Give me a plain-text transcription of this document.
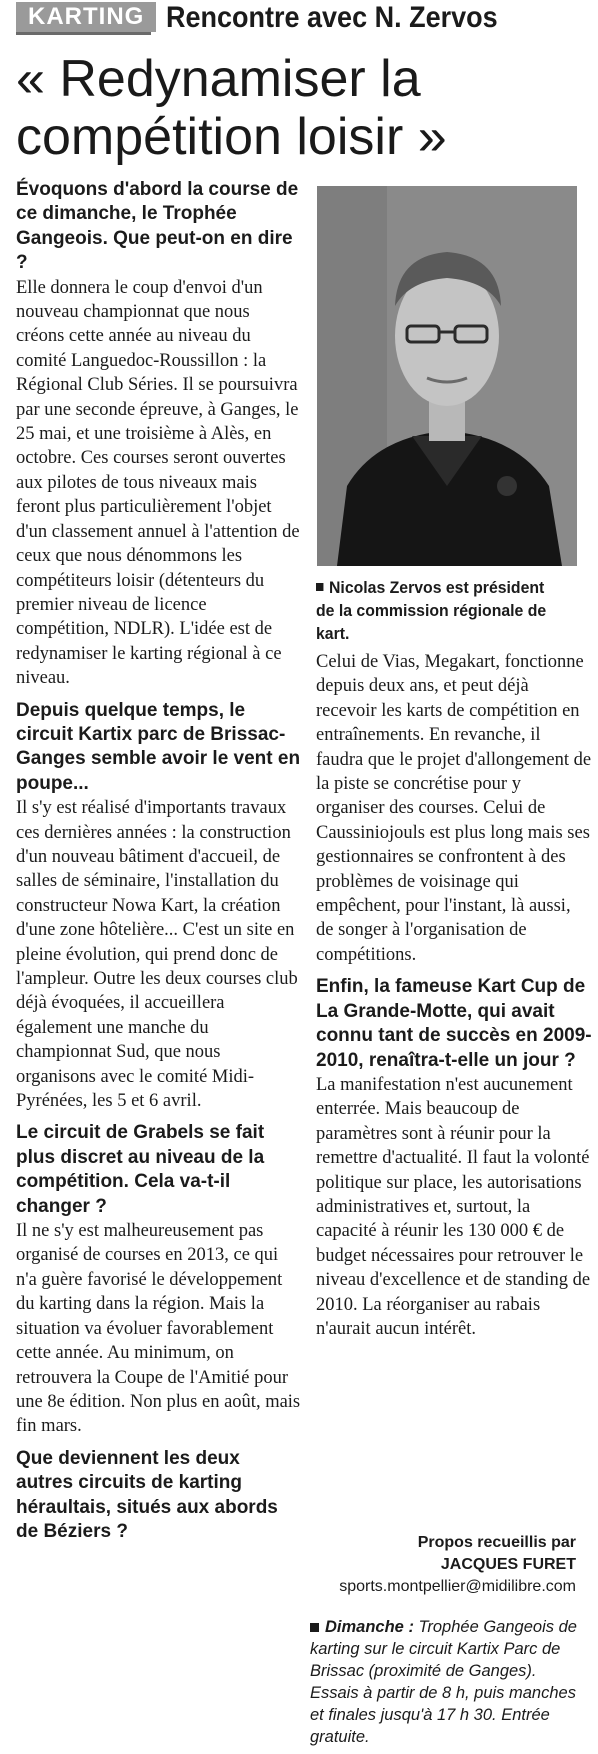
KARTING Rencontre avec N. Zervos
« Redynamiser la
compétition loisir »

Évoquons d'abord la course de ce dimanche, le Trophée Gangeois. Que peut-on en dire ?

Elle donnera le coup d'envoi d'un nouveau championnat que nous créons cette année au niveau du comité Languedoc-Roussillon : la Régional Club Séries. Il se poursuivra par une seconde épreuve, à Ganges, le 25 mai, et une troisième à Alès, en octobre. Ces courses seront ouvertes aux pilotes de tous niveaux mais feront plus particulièrement l'objet d'un classement annuel à l'attention de ceux que nous dénommons les compétiteurs loisir (détenteurs du premier niveau de licence compétition, NDLR). L'idée est de redynamiser le karting régional à ce niveau.

Depuis quelque temps, le circuit Kartix parc de Brissac-Ganges semble avoir le vent en poupe...

Il s'y est réalisé d'importants travaux ces dernières années : la construction d'un nouveau bâtiment d'accueil, de salles de séminaire, l'installation du constructeur Nowa Kart, la création d'une zone hôtelière... C'est un site en pleine évolution, qui prend donc de l'ampleur. Outre les deux courses club déjà évoquées, il accueillera également une manche du championnat Sud, que nous organisons avec le comité Midi-Pyrénées, les 5 et 6 avril.

Le circuit de Grabels se fait plus discret au niveau de la compétition. Cela va-t-il changer ?

Il ne s'y est malheureusement pas organisé de courses en 2013, ce qui n'a guère favorisé le développement du karting dans la région. Mais la situation va évoluer favorablement cette année. Au minimum, on retrouvera la Coupe de l'Amitié pour une 8e édition. Non plus en août, mais fin mars.

Que deviennent les deux autres circuits de karting héraultais, situés aux abords de Béziers ?

Nicolas Zervos est président de la commission régionale de kart.

Celui de Vias, Megakart, fonctionne depuis deux ans, et peut déjà recevoir les karts de compétition en entraînements. En revanche, il faudra que le projet d'allongement de la piste se concrétise pour y organiser des courses. Celui de Caussiniojouls est plus long mais ses gestionnaires se confrontent à des problèmes de voisinage qui empêchent, pour l'instant, là aussi, de songer à l'organisation de compétitions.

Enfin, la fameuse Kart Cup de La Grande-Motte, qui avait connu tant de succès en 2009-2010, renaîtra-t-elle un jour ?

La manifestation n'est aucunement enterrée. Mais beaucoup de paramètres sont à réunir pour la remettre d'actualité. Il faut la volonté politique sur place, les autorisations administratives et, surtout, la capacité à réunir les 130 000 € de budget nécessaires pour retrouver le niveau d'excellence et de standing de 2010. La réorganiser au rabais n'aurait aucun intérêt.

Propos recueillis par
JACQUES FURET
sports.montpellier@midilibre.com
Dimanche : Trophée Gangeois de karting sur le circuit Kartix Parc de Brissac (proximité de Ganges). Essais à partir de 8 h, puis manches et finales jusqu'à 17 h 30. Entrée gratuite.
